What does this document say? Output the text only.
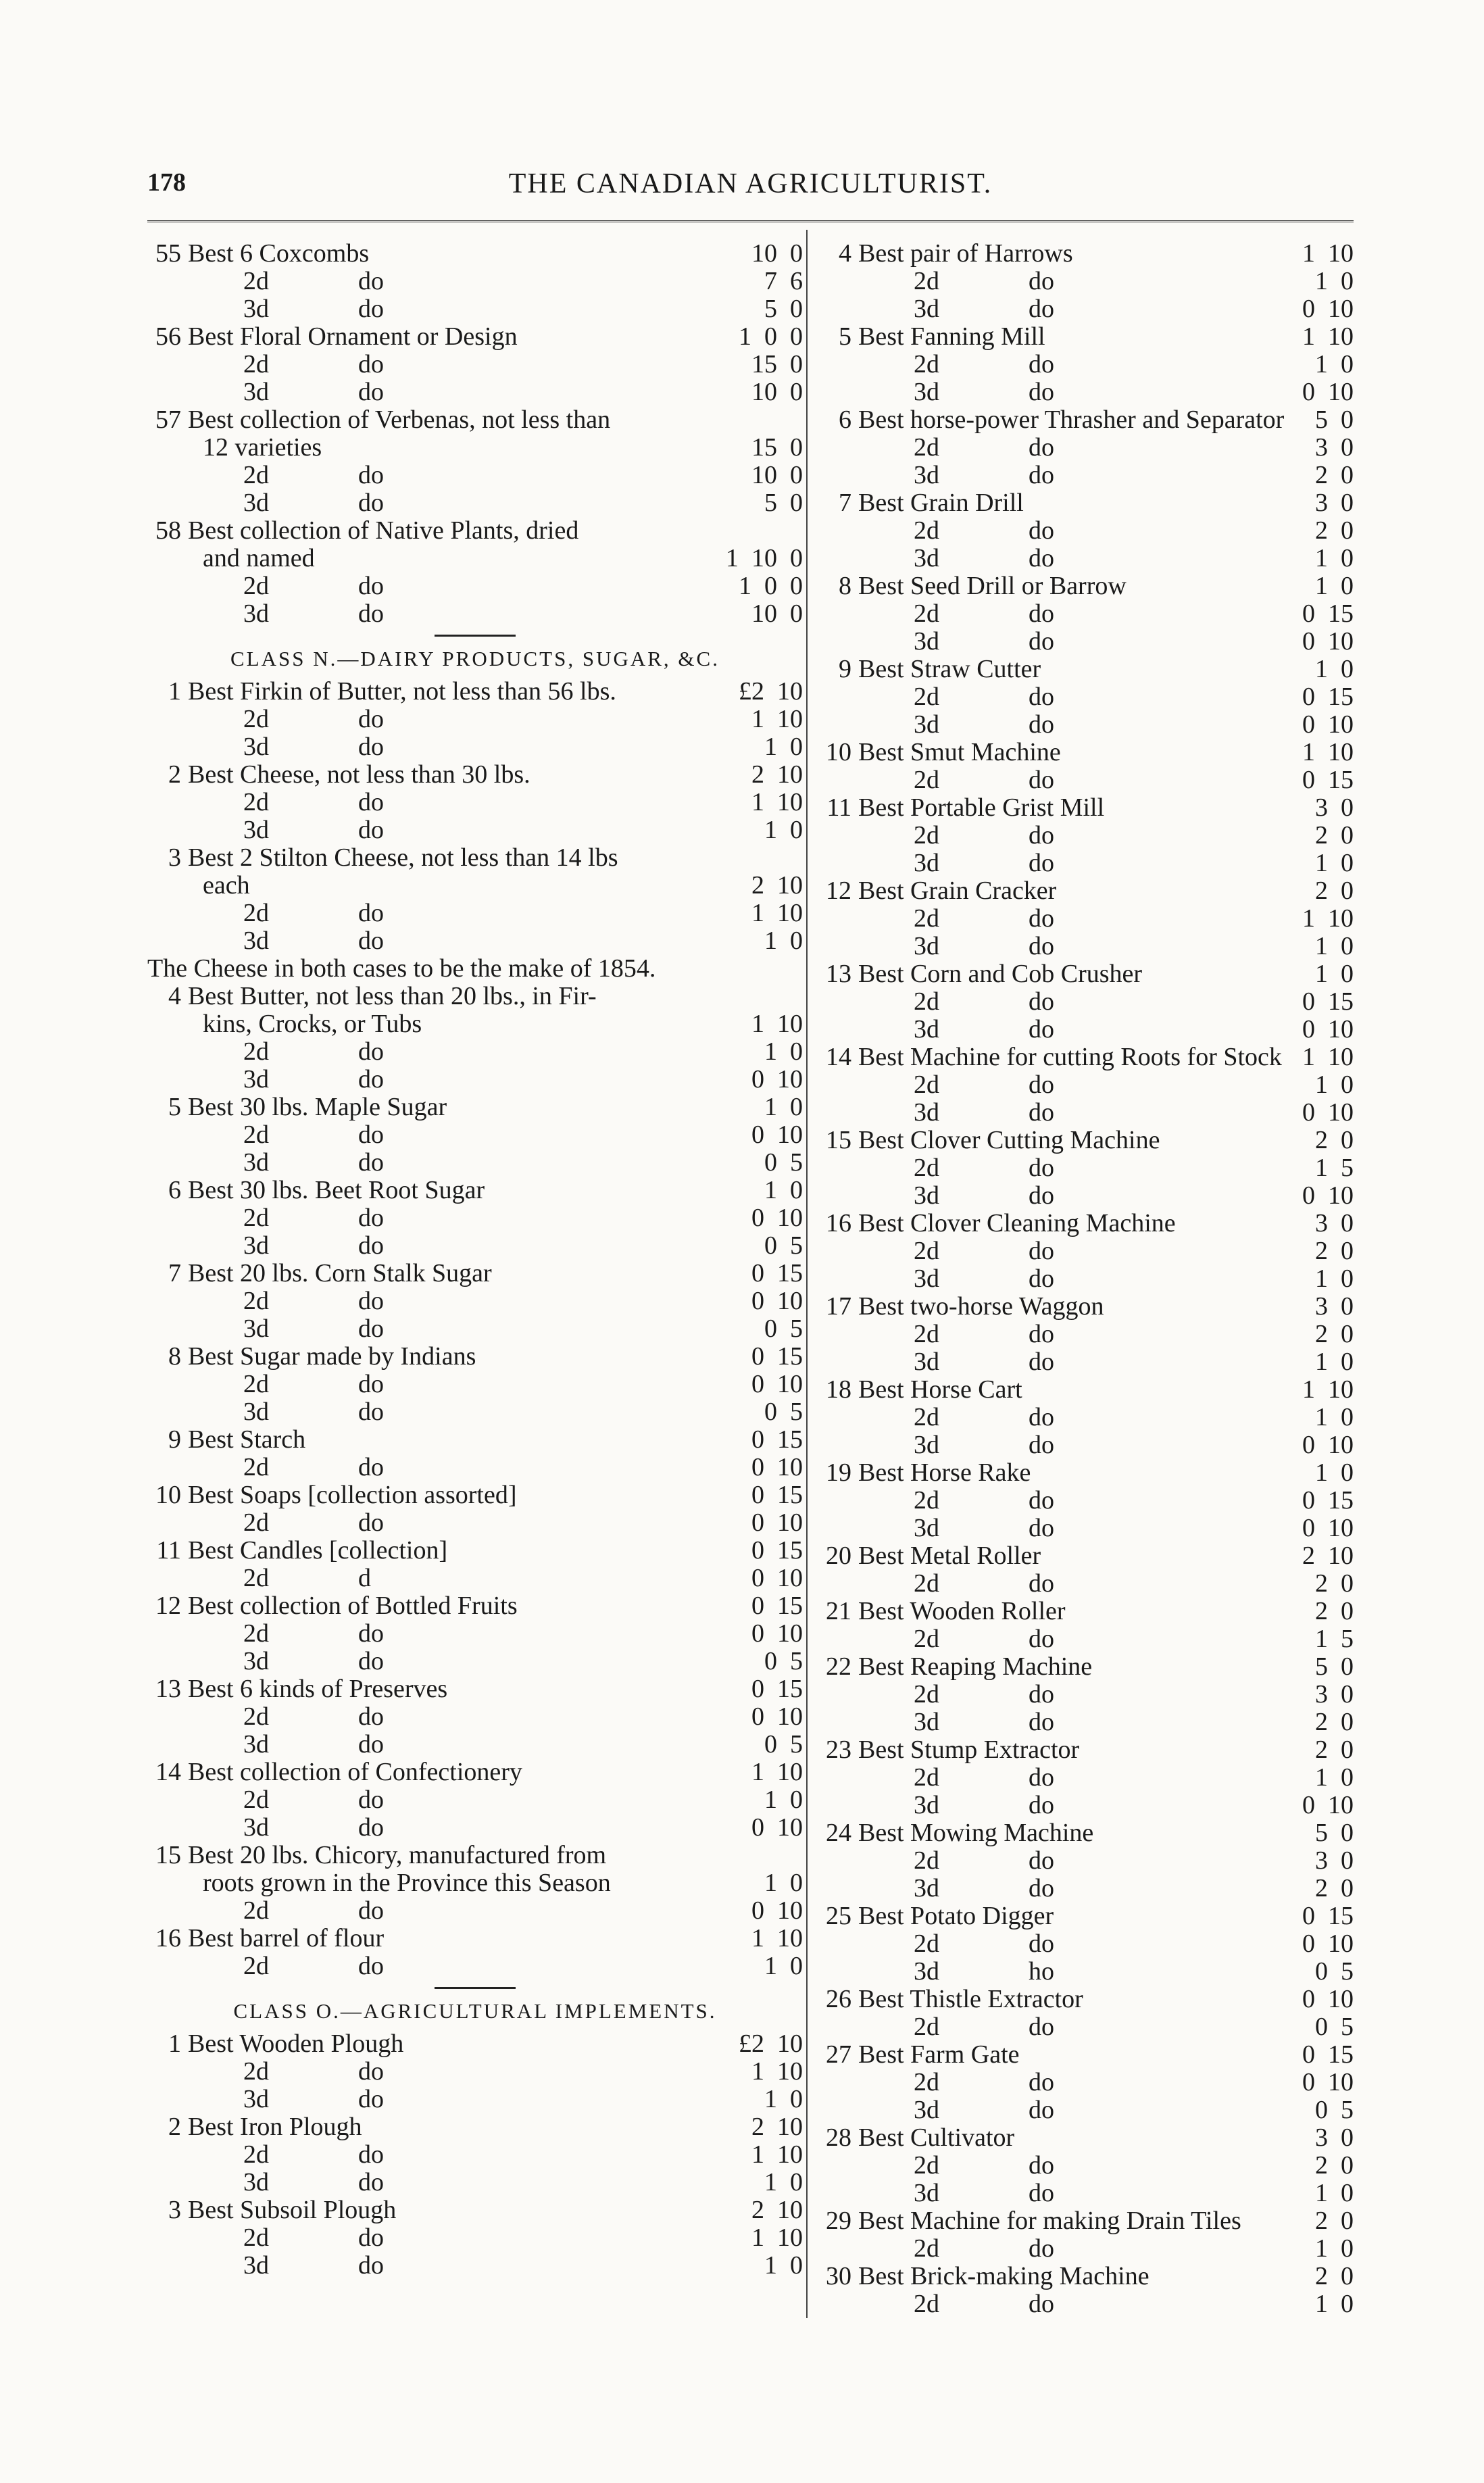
178	THE CANADIAN AGRICULTURIST.
55 Best 6 Coxcombs	10  0
2d	do	7  6
3d	do	5  0
56 Best Floral Ornament or Design	1  0  0
2d	do	15  0
3d	do	10  0
57 Best collection of Verbenas, not less than
12 varieties	15  0
2d	do	10  0
3d	do	5  0
58 Best collection of Native Plants, dried
and named	1  10  0
2d	do	1  0  0
3d	do	10  0
CLASS N.—DAIRY PRODUCTS, SUGAR, &C.
1 Best Firkin of Butter, not less than 56 lbs.	£2  10
2d	do	1  10
3d	do	1  0
2 Best Cheese, not less than 30 lbs.	2  10
2d	do	1  10
3d	do	1  0
3 Best 2 Stilton Cheese, not less than 14 lbs
each	2  10
2d	do	1  10
3d	do	1  0
The Cheese in both cases to be the make of 1854.
4 Best Butter, not less than 20 lbs., in Fir-
kins, Crocks, or Tubs	1  10
2d	do	1  0
3d	do	0  10
5 Best 30 lbs. Maple Sugar	1  0
2d	do	0  10
3d	do	0  5
6 Best 30 lbs. Beet Root Sugar	1  0
2d	do	0  10
3d	do	0  5
7 Best 20 lbs. Corn Stalk Sugar	0  15
2d	do	0  10
3d	do	0  5
8 Best Sugar made by Indians	0  15
2d	do	0  10
3d	do	0  5
9 Best Starch	0  15
2d	do	0  10
10 Best Soaps [collection assorted]	0  15
2d	do	0  10
11 Best Candles [collection]	0  15
2d	d	0  10
12 Best collection of Bottled Fruits	0  15
2d	do	0  10
3d	do	0  5
13 Best 6 kinds of Preserves	0  15
2d	do	0  10
3d	do	0  5
14 Best collection of Confectionery	1  10
2d	do	1  0
3d	do	0  10
15 Best 20 lbs. Chicory, manufactured from
roots grown in the Province this Season	1  0
2d	do	0  10
16 Best barrel of flour	1  10
2d	do	1  0
CLASS O.—AGRICULTURAL IMPLEMENTS.
1 Best Wooden Plough	£2  10
2d	do	1  10
3d	do	1  0
2 Best Iron Plough	2  10
2d	do	1  10
3d	do	1  0
3 Best Subsoil Plough	2  10
2d	do	1  10
3d	do	1  0
4 Best pair of Harrows	1  10
2d	do	1  0
3d	do	0  10
5 Best Fanning Mill	1  10
2d	do	1  0
3d	do	0  10
6 Best horse-power Thrasher and Separator 5  0
2d	do	3  0
3d	do	2  0
7 Best Grain Drill	3  0
2d	do	2  0
3d	do	1  0
8 Best Seed Drill or Barrow	1  0
2d	do	0  15
3d	do	0  10
9 Best Straw Cutter	1  0
2d	do	0  15
3d	do	0  10
10 Best Smut Machine	1  10
2d	do	0  15
11 Best Portable Grist Mill	3  0
2d	do	2  0
3d	do	1  0
12 Best Grain Cracker	2  0
2d	do	1  10
3d	do	1  0
13 Best Corn and Cob Crusher	1  0
2d	do	0  15
3d	do	0  10
14 Best Machine for cutting Roots for Stock 1  10
2d	do	1  0
3d	do	0  10
15 Best Clover Cutting Machine	2  0
2d	do	1  5
3d	do	0  10
16 Best Clover Cleaning Machine	3  0
2d	do	2  0
3d	do	1  0
17 Best two-horse Waggon	3  0
2d	do	2  0
3d	do	1  0
18 Best Horse Cart	1  10
2d	do	1  0
3d	do	0  10
19 Best Horse Rake	1  0
2d	do	0  15
3d	do	0  10
20 Best Metal Roller	2  10
2d	do	2  0
21 Best Wooden Roller	2  0
2d	do	1  5
22 Best Reaping Machine	5  0
2d	do	3  0
3d	do	2  0
23 Best Stump Extractor	2  0
2d	do	1  0
3d	do	0  10
24 Best Mowing Machine	5  0
2d	do	3  0
3d	do	2  0
25 Best Potato Digger	0  15
2d	do	0  10
3d	ho	0  5
26 Best Thistle Extractor	0  10
2d	do	0  5
27 Best Farm Gate	0  15
2d	do	0  10
3d	do	0  5
28 Best Cultivator	3  0
2d	do	2  0
3d	do	1  0
29 Best Machine for making Drain Tiles	2  0
2d	do	1  0
30 Best Brick-making Machine	2  0
2d	do	1  0
